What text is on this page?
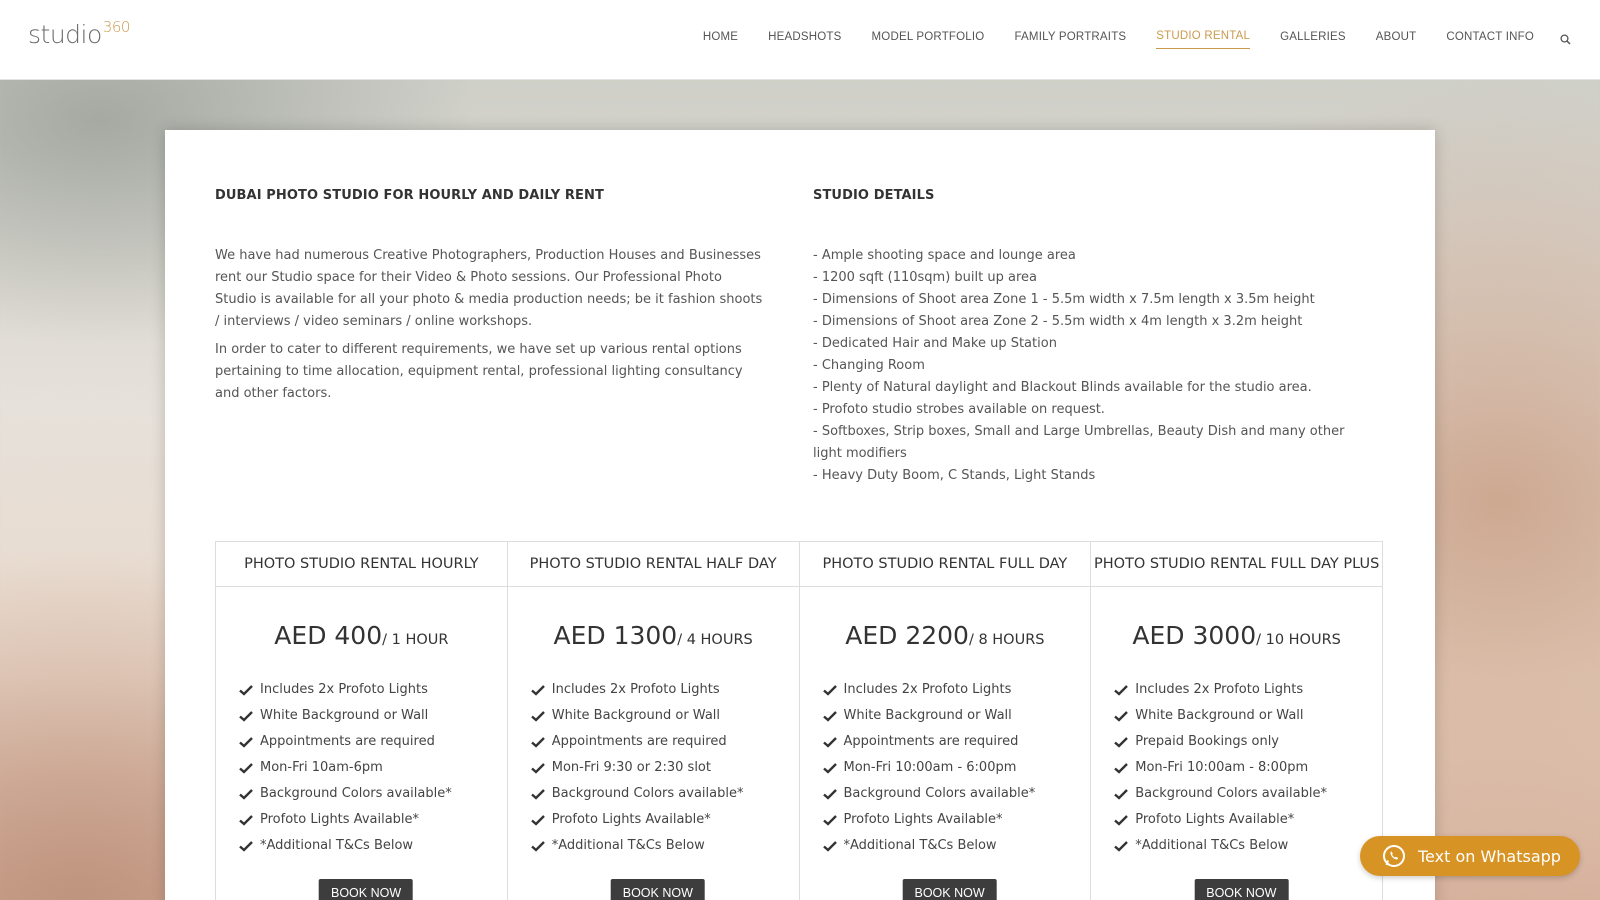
studio$^{360}$
HOME	HEADSHOTS	MODEL PORTFOLIO	FAMILY PORTRAITS	STUDIO RENTAL	GALLERIES	ABOUT	CONTACT INFO
DUBAI PHOTO STUDIO FOR HOURLY AND DAILY RENT

We have had numerous Creative Photographers, Production Houses and Businesses rent our Studio space for their Video & Photo sessions. Our Professional Photo Studio is available for all your photo & media production needs; be it fashion shoots / interviews / video seminars / online workshops.

In order to cater to different requirements, we have set up various rental options pertaining to time allocation, equipment rental, professional lighting consultancy and other factors.

STUDIO DETAILS
- Ample shooting space and lounge area
- 1200 sqft (110sqm) built up area
- Dimensions of Shoot area Zone 1 - 5.5m width x 7.5m length x 3.5m height
- Dimensions of Shoot area Zone 2 - 5.5m width x 4m length x 3.2m height
- Dedicated Hair and Make up Station
- Changing Room
- Plenty of Natural daylight and Blackout Blinds available for the studio area.
- Profoto studio strobes available on request.
- Softboxes, Strip boxes, Small and Large Umbrellas, Beauty Dish and many other light modifiers
- Heavy Duty Boom, C Stands, Light Stands
PHOTO STUDIO RENTAL HOURLY
AED 400/ 1 HOUR
Includes 2x Profoto Lights
White Background or Wall
Appointments are required
Mon-Fri 10am-6pm
Background Colors available*
Profoto Lights Available*
*Additional T&Cs Below
BOOK NOW
PHOTO STUDIO RENTAL HALF DAY
AED 1300/ 4 HOURS
Includes 2x Profoto Lights
White Background or Wall
Appointments are required
Mon-Fri 9:30 or 2:30 slot
Background Colors available*
Profoto Lights Available*
*Additional T&Cs Below
BOOK NOW
PHOTO STUDIO RENTAL FULL DAY
AED 2200/ 8 HOURS
Includes 2x Profoto Lights
White Background or Wall
Appointments are required
Mon-Fri 10:00am - 6:00pm
Background Colors available*
Profoto Lights Available*
*Additional T&Cs Below
BOOK NOW
PHOTO STUDIO RENTAL FULL DAY PLUS
AED 3000/ 10 HOURS
Includes 2x Profoto Lights
White Background or Wall
Prepaid Bookings only
Mon-Fri 10:00am - 8:00pm
Background Colors available*
Profoto Lights Available*
*Additional T&Cs Below
BOOK NOW
Text on Whatsapp
